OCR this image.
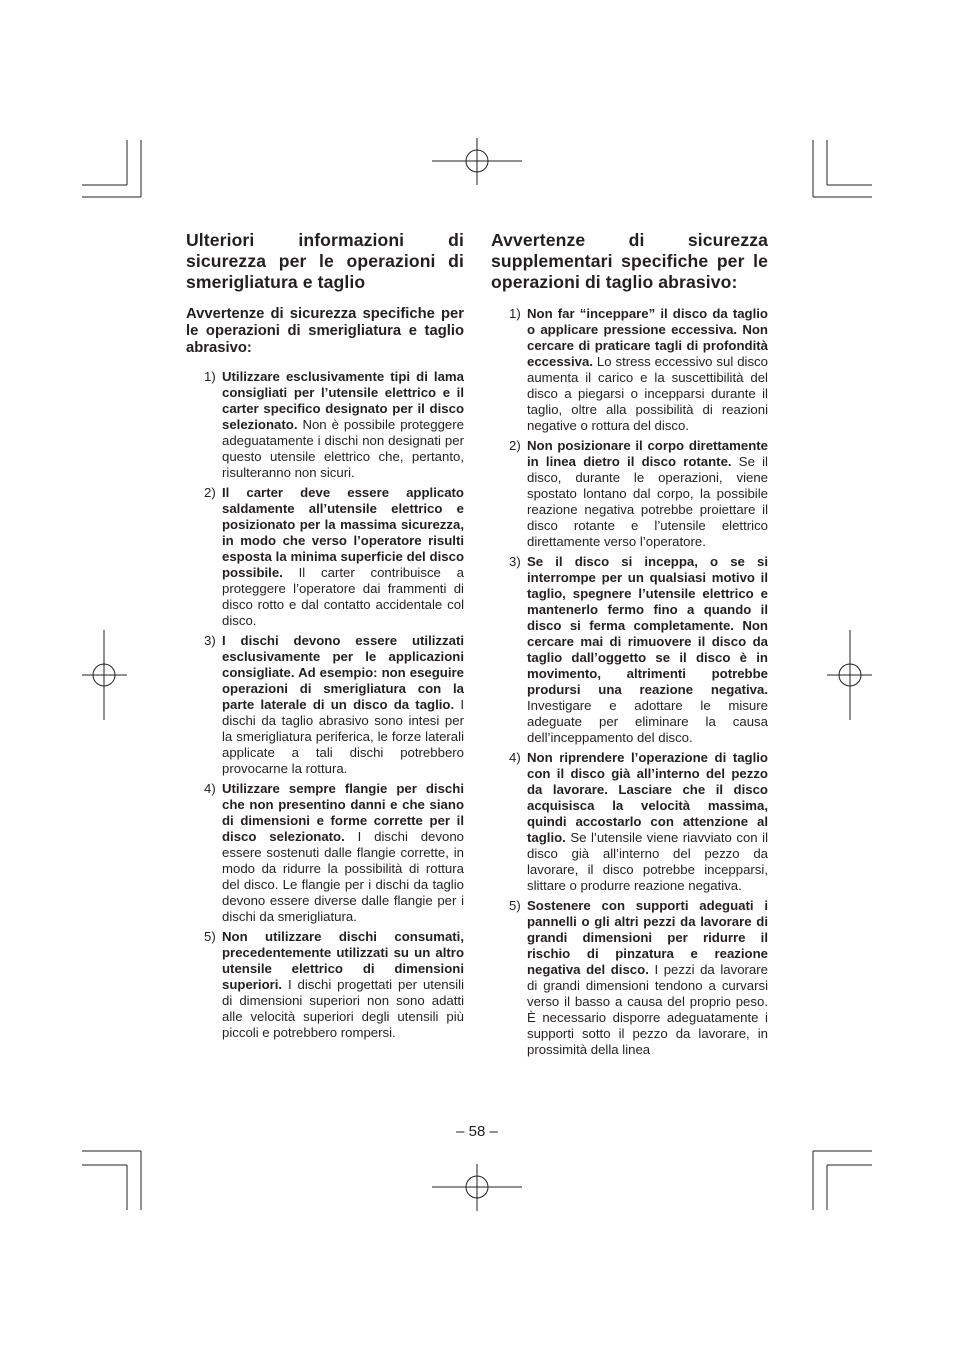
Ulteriori informazioni di sicurezza per le operazioni di smerigliatura e taglio
Avvertenze di sicurezza specifiche per le operazioni di smerigliatura e taglio abrasivo:
1) Utilizzare esclusivamente tipi di lama consigliati per l’utensile elettrico e il carter specifico designato per il disco selezionato. Non è possibile proteggere adeguatamente i dischi non designati per questo utensile elettrico che, pertanto, risulteranno non sicuri.
2) Il carter deve essere applicato saldamente all’utensile elettrico e posizionato per la massima sicurezza, in modo che verso l’operatore risulti esposta la minima superficie del disco possibile. Il carter contribuisce a proteggere l’operatore dai frammenti di disco rotto e dal contatto accidentale col disco.
3) I dischi devono essere utilizzati esclusivamente per le applicazioni consigliate. Ad esempio: non eseguire operazioni di smerigliatura con la parte laterale di un disco da taglio. I dischi da taglio abrasivo sono intesi per la smerigliatura periferica, le forze laterali applicate a tali dischi potrebbero provocarne la rottura.
4) Utilizzare sempre flangie per dischi che non presentino danni e che siano di dimensioni e forme corrette per il disco selezionato. I dischi devono essere sostenuti dalle flangie corrette, in modo da ridurre la possibilità di rottura del disco. Le flangie per i dischi da taglio devono essere diverse dalle flangie per i dischi da smerigliatura.
5) Non utilizzare dischi consumati, precedentemente utilizzati su un altro utensile elettrico di dimensioni superiori. I dischi progettati per utensili di dimensioni superiori non sono adatti alle velocità superiori degli utensili più piccoli e potrebbero rompersi.
Avvertenze di sicurezza supplementari specifiche per le operazioni di taglio abrasivo:
1) Non far “inceppare” il disco da taglio o applicare pressione eccessiva. Non cercare di praticare tagli di profondità eccessiva. Lo stress eccessivo sul disco aumenta il carico e la suscettibilità del disco a piegarsi o incepparsi durante il taglio, oltre alla possibilità di reazioni negative o rottura del disco.
2) Non posizionare il corpo direttamente in linea dietro il disco rotante. Se il disco, durante le operazioni, viene spostato lontano dal corpo, la possibile reazione negativa potrebbe proiettare il disco rotante e l’utensile elettrico direttamente verso l’operatore.
3) Se il disco si inceppa, o se si interrompe per un qualsiasi motivo il taglio, spegnere l’utensile elettrico e mantenerlo fermo fino a quando il disco si ferma completamente. Non cercare mai di rimuovere il disco da taglio dall’oggetto se il disco è in movimento, altrimenti potrebbe prodursi una reazione negativa. Investigare e adottare le misure adeguate per eliminare la causa dell’inceppamento del disco.
4) Non riprendere l’operazione di taglio con il disco già all’interno del pezzo da lavorare. Lasciare che il disco acquisisca la velocità massima, quindi accostarlo con attenzione al taglio. Se l’utensile viene riavviato con il disco già all’interno del pezzo da lavorare, il disco potrebbe incepparsi, slittare o produrre reazione negativa.
5) Sostenere con supporti adeguati i pannelli o gli altri pezzi da lavorare di grandi dimensioni per ridurre il rischio di pinzatura e reazione negativa del disco. I pezzi da lavorare di grandi dimensioni tendono a curvarsi verso il basso a causa del proprio peso. È necessario disporre adeguatamente i supporti sotto il pezzo da lavorare, in prossimità della linea
– 58 –
